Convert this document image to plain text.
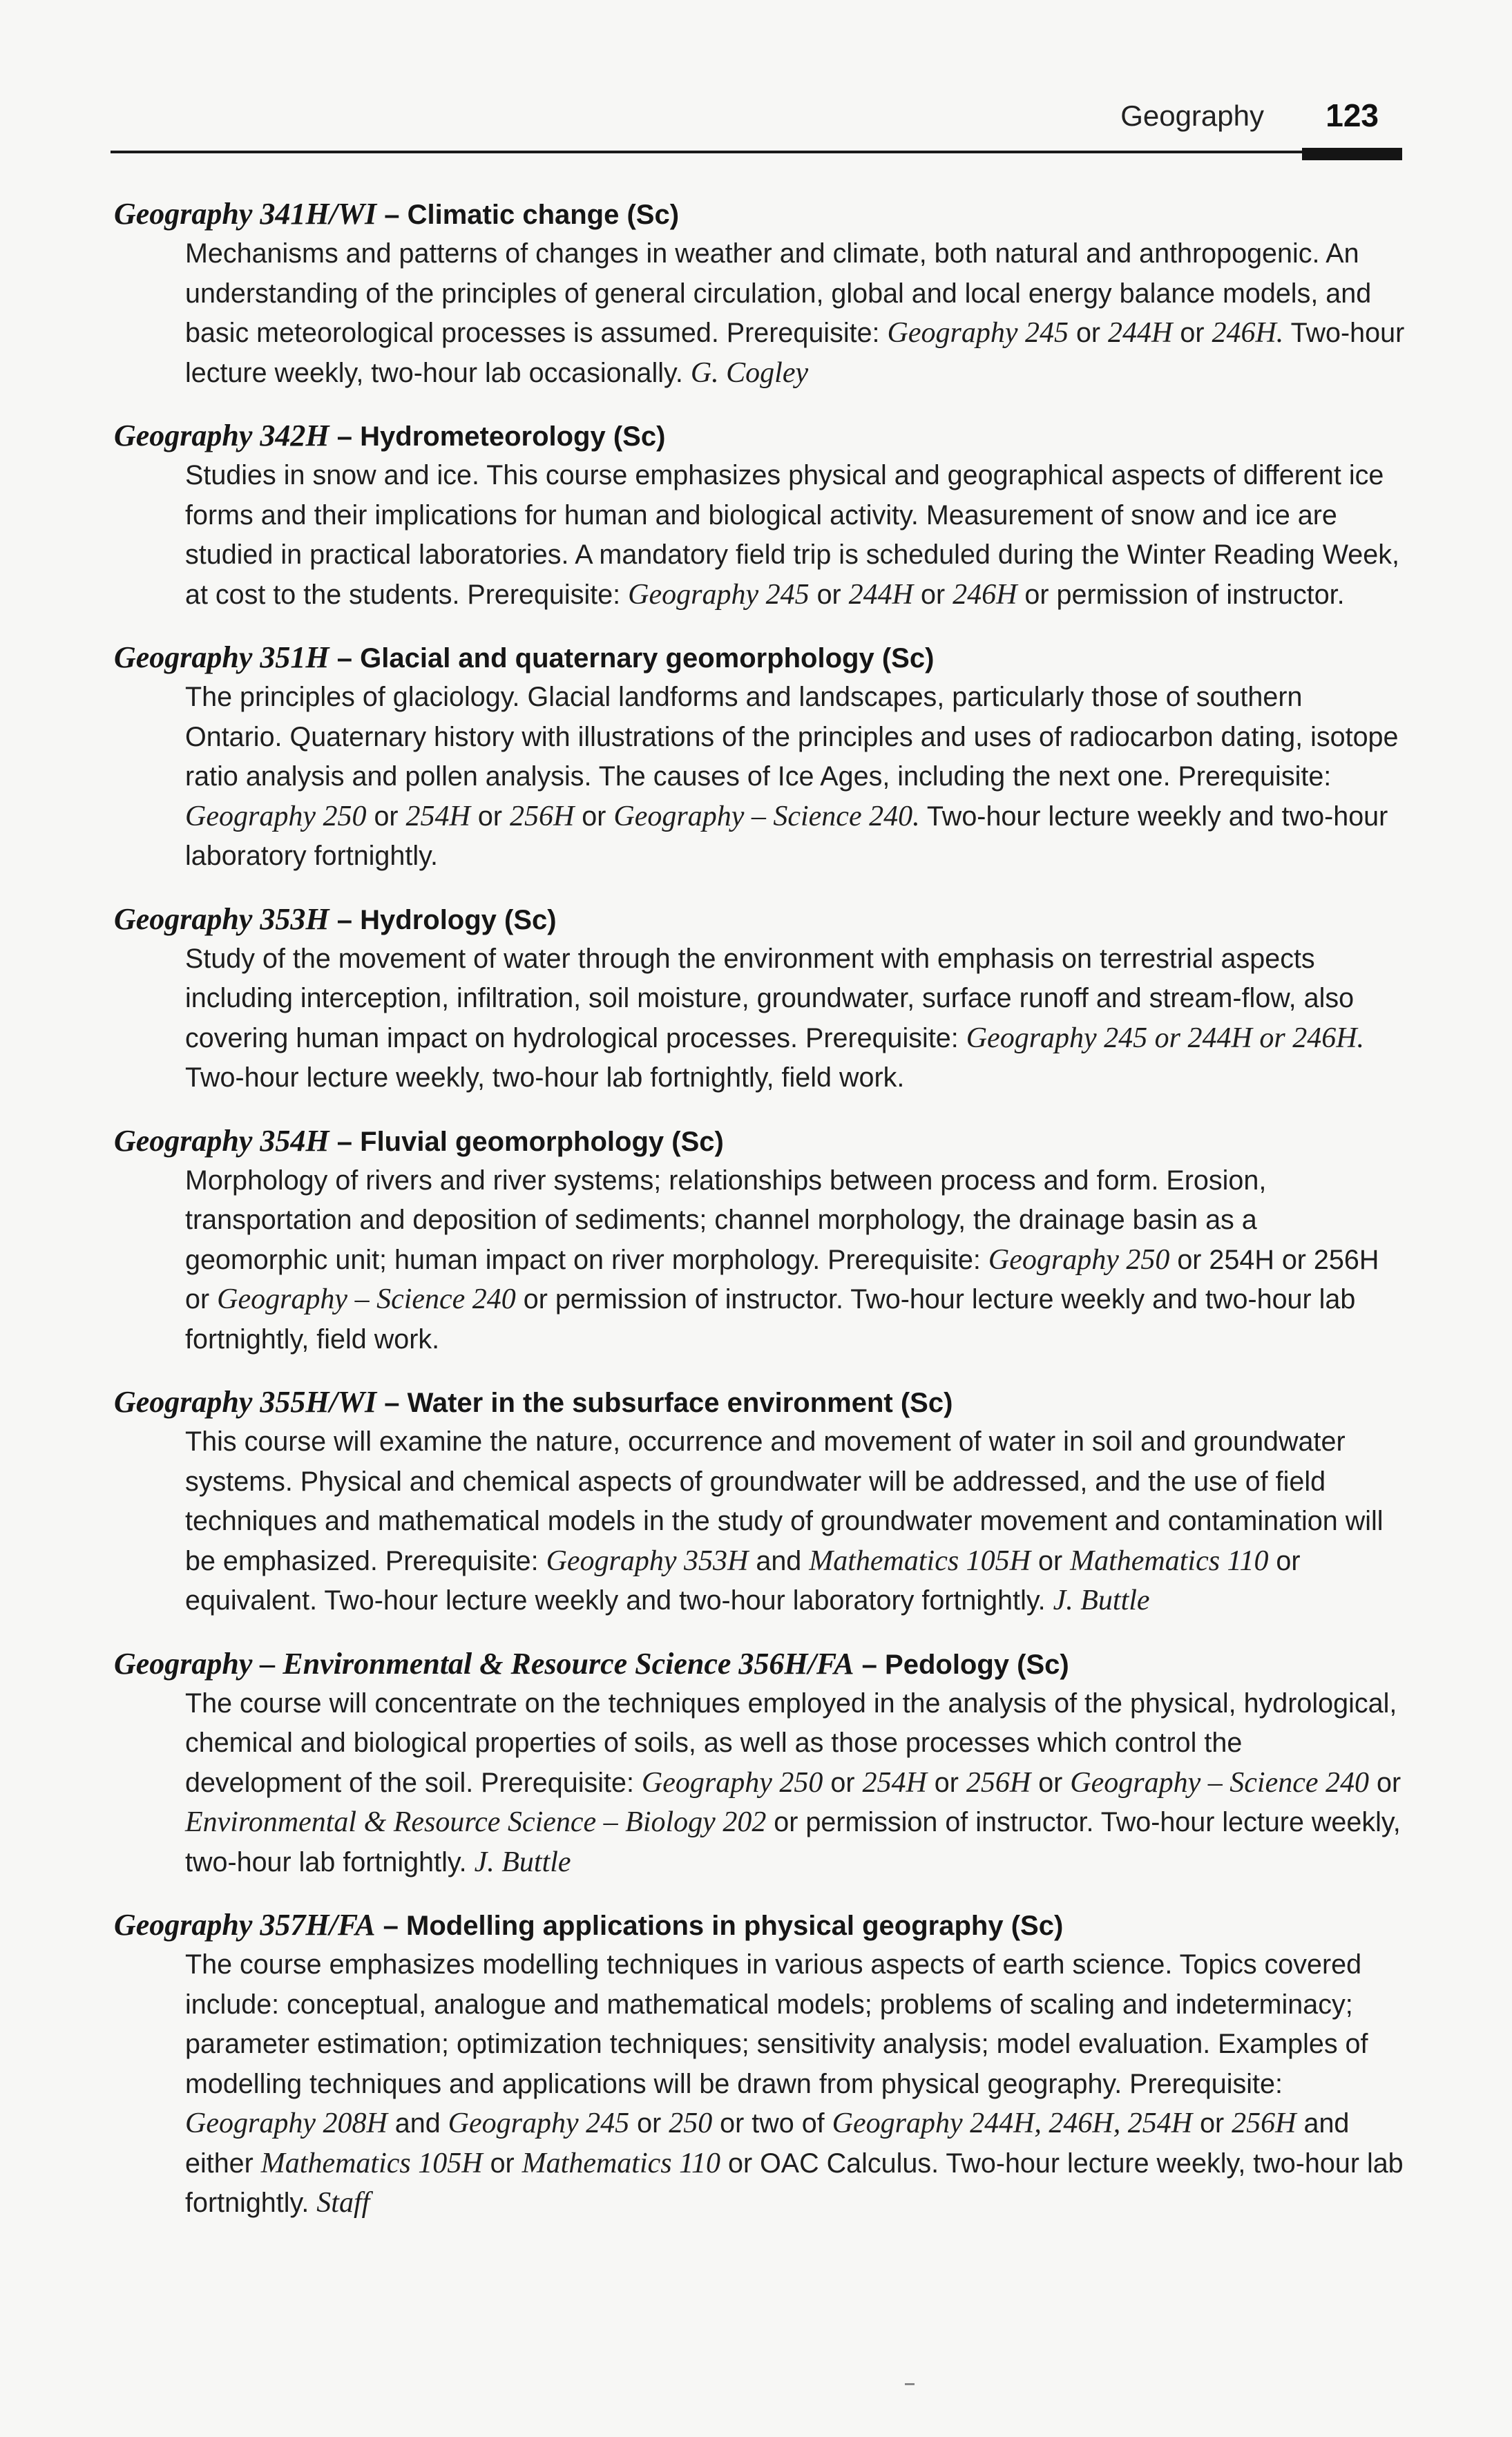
Geography 123
Geography 341H/WI – Climatic change (Sc)
Mechanisms and patterns of changes in weather and climate, both natural and anthropogenic. An understanding of the principles of general circulation, global and local energy balance models, and basic meteorological processes is assumed. Prerequisite: Geography 245 or 244H or 246H. Two-hour lecture weekly, two-hour lab occasionally. G. Cogley
Geography 342H – Hydrometeorology (Sc)
Studies in snow and ice. This course emphasizes physical and geographical aspects of different ice forms and their implications for human and biological activity. Measurement of snow and ice are studied in practical laboratories. A mandatory field trip is scheduled during the Winter Reading Week, at cost to the students. Prerequisite: Geography 245 or 244H or 246H or permission of instructor.
Geography 351H – Glacial and quaternary geomorphology (Sc)
The principles of glaciology. Glacial landforms and landscapes, particularly those of southern Ontario. Quaternary history with illustrations of the principles and uses of radiocarbon dating, isotope ratio analysis and pollen analysis. The causes of Ice Ages, including the next one. Prerequisite: Geography 250 or 254H or 256H or Geography – Science 240. Two-hour lecture weekly and two-hour laboratory fortnightly.
Geography 353H – Hydrology (Sc)
Study of the movement of water through the environment with emphasis on terrestrial aspects including interception, infiltration, soil moisture, groundwater, surface runoff and stream-flow, also covering human impact on hydrological processes. Prerequisite: Geography 245 or 244H or 246H. Two-hour lecture weekly, two-hour lab fortnightly, field work.
Geography 354H – Fluvial geomorphology (Sc)
Morphology of rivers and river systems; relationships between process and form. Erosion, transportation and deposition of sediments; channel morphology, the drainage basin as a geomorphic unit; human impact on river morphology. Prerequisite: Geography 250 or 254H or 256H or Geography – Science 240 or permission of instructor. Two-hour lecture weekly and two-hour lab fortnightly, field work.
Geography 355H/WI – Water in the subsurface environment (Sc)
This course will examine the nature, occurrence and movement of water in soil and groundwater systems. Physical and chemical aspects of groundwater will be addressed, and the use of field techniques and mathematical models in the study of groundwater movement and contamination will be emphasized. Prerequisite: Geography 353H and Mathematics 105H or Mathematics 110 or equivalent. Two-hour lecture weekly and two-hour laboratory fortnightly. J. Buttle
Geography – Environmental & Resource Science 356H/FA – Pedology (Sc)
The course will concentrate on the techniques employed in the analysis of the physical, hydrological, chemical and biological properties of soils, as well as those processes which control the development of the soil. Prerequisite: Geography 250 or 254H or 256H or Geography – Science 240 or Environmental & Resource Science – Biology 202 or permission of instructor. Two-hour lecture weekly, two-hour lab fortnightly. J. Buttle
Geography 357H/FA – Modelling applications in physical geography (Sc)
The course emphasizes modelling techniques in various aspects of earth science. Topics covered include: conceptual, analogue and mathematical models; problems of scaling and indeterminacy; parameter estimation; optimization techniques; sensitivity analysis; model evaluation. Examples of modelling techniques and applications will be drawn from physical geography. Prerequisite: Geography 208H and Geography 245 or 250 or two of Geography 244H, 246H, 254H or 256H and either Mathematics 105H or Mathematics 110 or OAC Calculus. Two-hour lecture weekly, two-hour lab fortnightly. Staff
